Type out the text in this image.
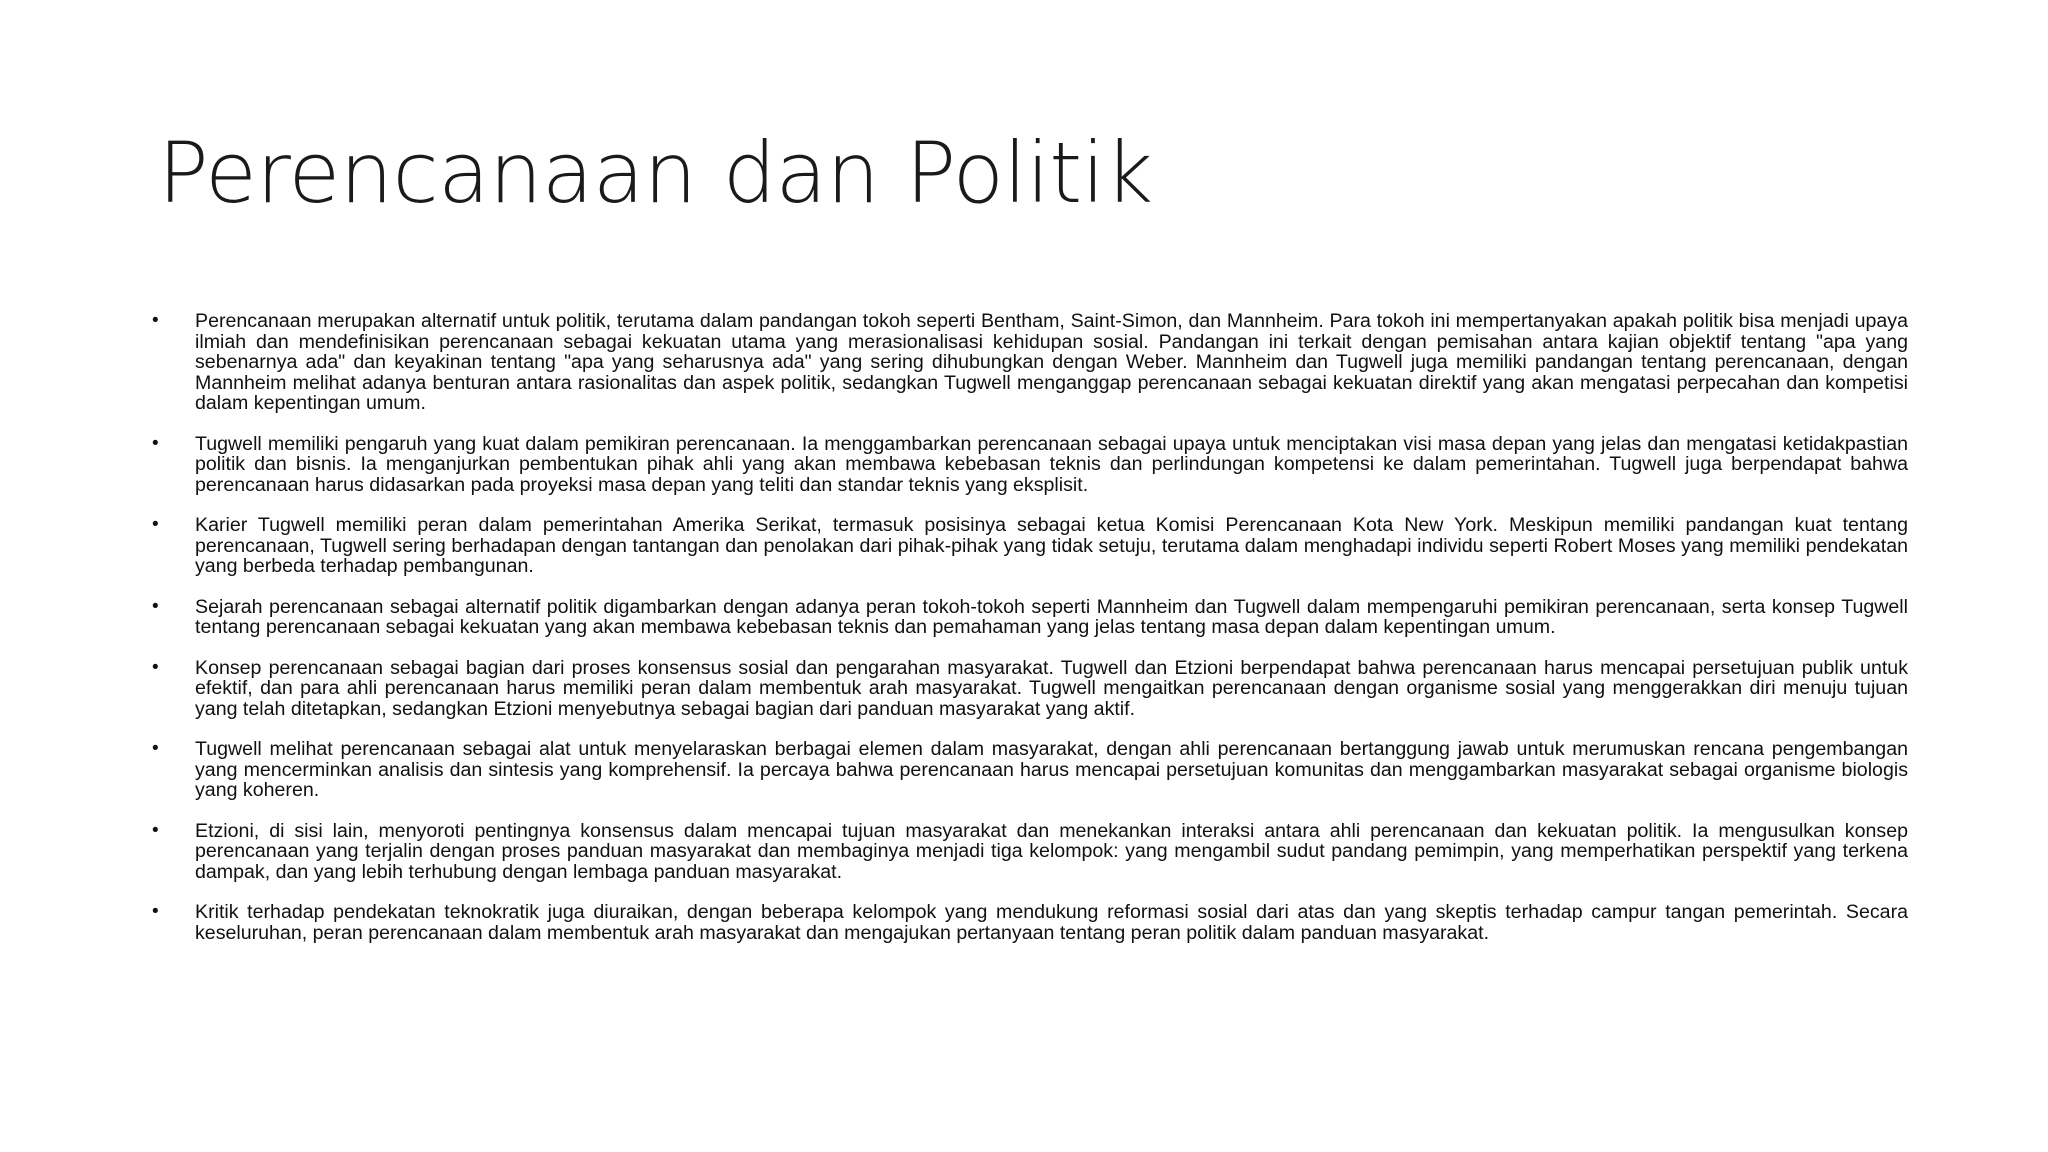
Perencanaan dan Politik
• Perencanaan merupakan alternatif untuk politik, terutama dalam pandangan tokoh seperti Bentham, Saint-Simon, dan Mannheim. Para tokoh ini mempertanyakan apakah politik bisa menjadi upaya ilmiah dan mendefinisikan perencanaan sebagai kekuatan utama yang merasionalisasi kehidupan sosial. Pandangan ini terkait dengan pemisahan antara kajian objektif tentang "apa yang sebenarnya ada" dan keyakinan tentang "apa yang seharusnya ada" yang sering dihubungkan dengan Weber. Mannheim dan Tugwell juga memiliki pandangan tentang perencanaan, dengan Mannheim melihat adanya benturan antara rasionalitas dan aspek politik, sedangkan Tugwell menganggap perencanaan sebagai kekuatan direktif yang akan mengatasi perpecahan dan kompetisi dalam kepentingan umum.
• Tugwell memiliki pengaruh yang kuat dalam pemikiran perencanaan. Ia menggambarkan perencanaan sebagai upaya untuk menciptakan visi masa depan yang jelas dan mengatasi ketidakpastian politik dan bisnis. Ia menganjurkan pembentukan pihak ahli yang akan membawa kebebasan teknis dan perlindungan kompetensi ke dalam pemerintahan. Tugwell juga berpendapat bahwa perencanaan harus didasarkan pada proyeksi masa depan yang teliti dan standar teknis yang eksplisit.
• Karier Tugwell memiliki peran dalam pemerintahan Amerika Serikat, termasuk posisinya sebagai ketua Komisi Perencanaan Kota New York. Meskipun memiliki pandangan kuat tentang perencanaan, Tugwell sering berhadapan dengan tantangan dan penolakan dari pihak-pihak yang tidak setuju, terutama dalam menghadapi individu seperti Robert Moses yang memiliki pendekatan yang berbeda terhadap pembangunan.
• Sejarah perencanaan sebagai alternatif politik digambarkan dengan adanya peran tokoh-tokoh seperti Mannheim dan Tugwell dalam mempengaruhi pemikiran perencanaan, serta konsep Tugwell tentang perencanaan sebagai kekuatan yang akan membawa kebebasan teknis dan pemahaman yang jelas tentang masa depan dalam kepentingan umum.
• Konsep perencanaan sebagai bagian dari proses konsensus sosial dan pengarahan masyarakat. Tugwell dan Etzioni berpendapat bahwa perencanaan harus mencapai persetujuan publik untuk efektif, dan para ahli perencanaan harus memiliki peran dalam membentuk arah masyarakat. Tugwell mengaitkan perencanaan dengan organisme sosial yang menggerakkan diri menuju tujuan yang telah ditetapkan, sedangkan Etzioni menyebutnya sebagai bagian dari panduan masyarakat yang aktif.
• Tugwell melihat perencanaan sebagai alat untuk menyelaraskan berbagai elemen dalam masyarakat, dengan ahli perencanaan bertanggung jawab untuk merumuskan rencana pengembangan yang mencerminkan analisis dan sintesis yang komprehensif. Ia percaya bahwa perencanaan harus mencapai persetujuan komunitas dan menggambarkan masyarakat sebagai organisme biologis yang koheren.
• Etzioni, di sisi lain, menyoroti pentingnya konsensus dalam mencapai tujuan masyarakat dan menekankan interaksi antara ahli perencanaan dan kekuatan politik. Ia mengusulkan konsep perencanaan yang terjalin dengan proses panduan masyarakat dan membaginya menjadi tiga kelompok: yang mengambil sudut pandang pemimpin, yang memperhatikan perspektif yang terkena dampak, dan yang lebih terhubung dengan lembaga panduan masyarakat.
• Kritik terhadap pendekatan teknokratik juga diuraikan, dengan beberapa kelompok yang mendukung reformasi sosial dari atas dan yang skeptis terhadap campur tangan pemerintah. Secara keseluruhan, peran perencanaan dalam membentuk arah masyarakat dan mengajukan pertanyaan tentang peran politik dalam panduan masyarakat.
